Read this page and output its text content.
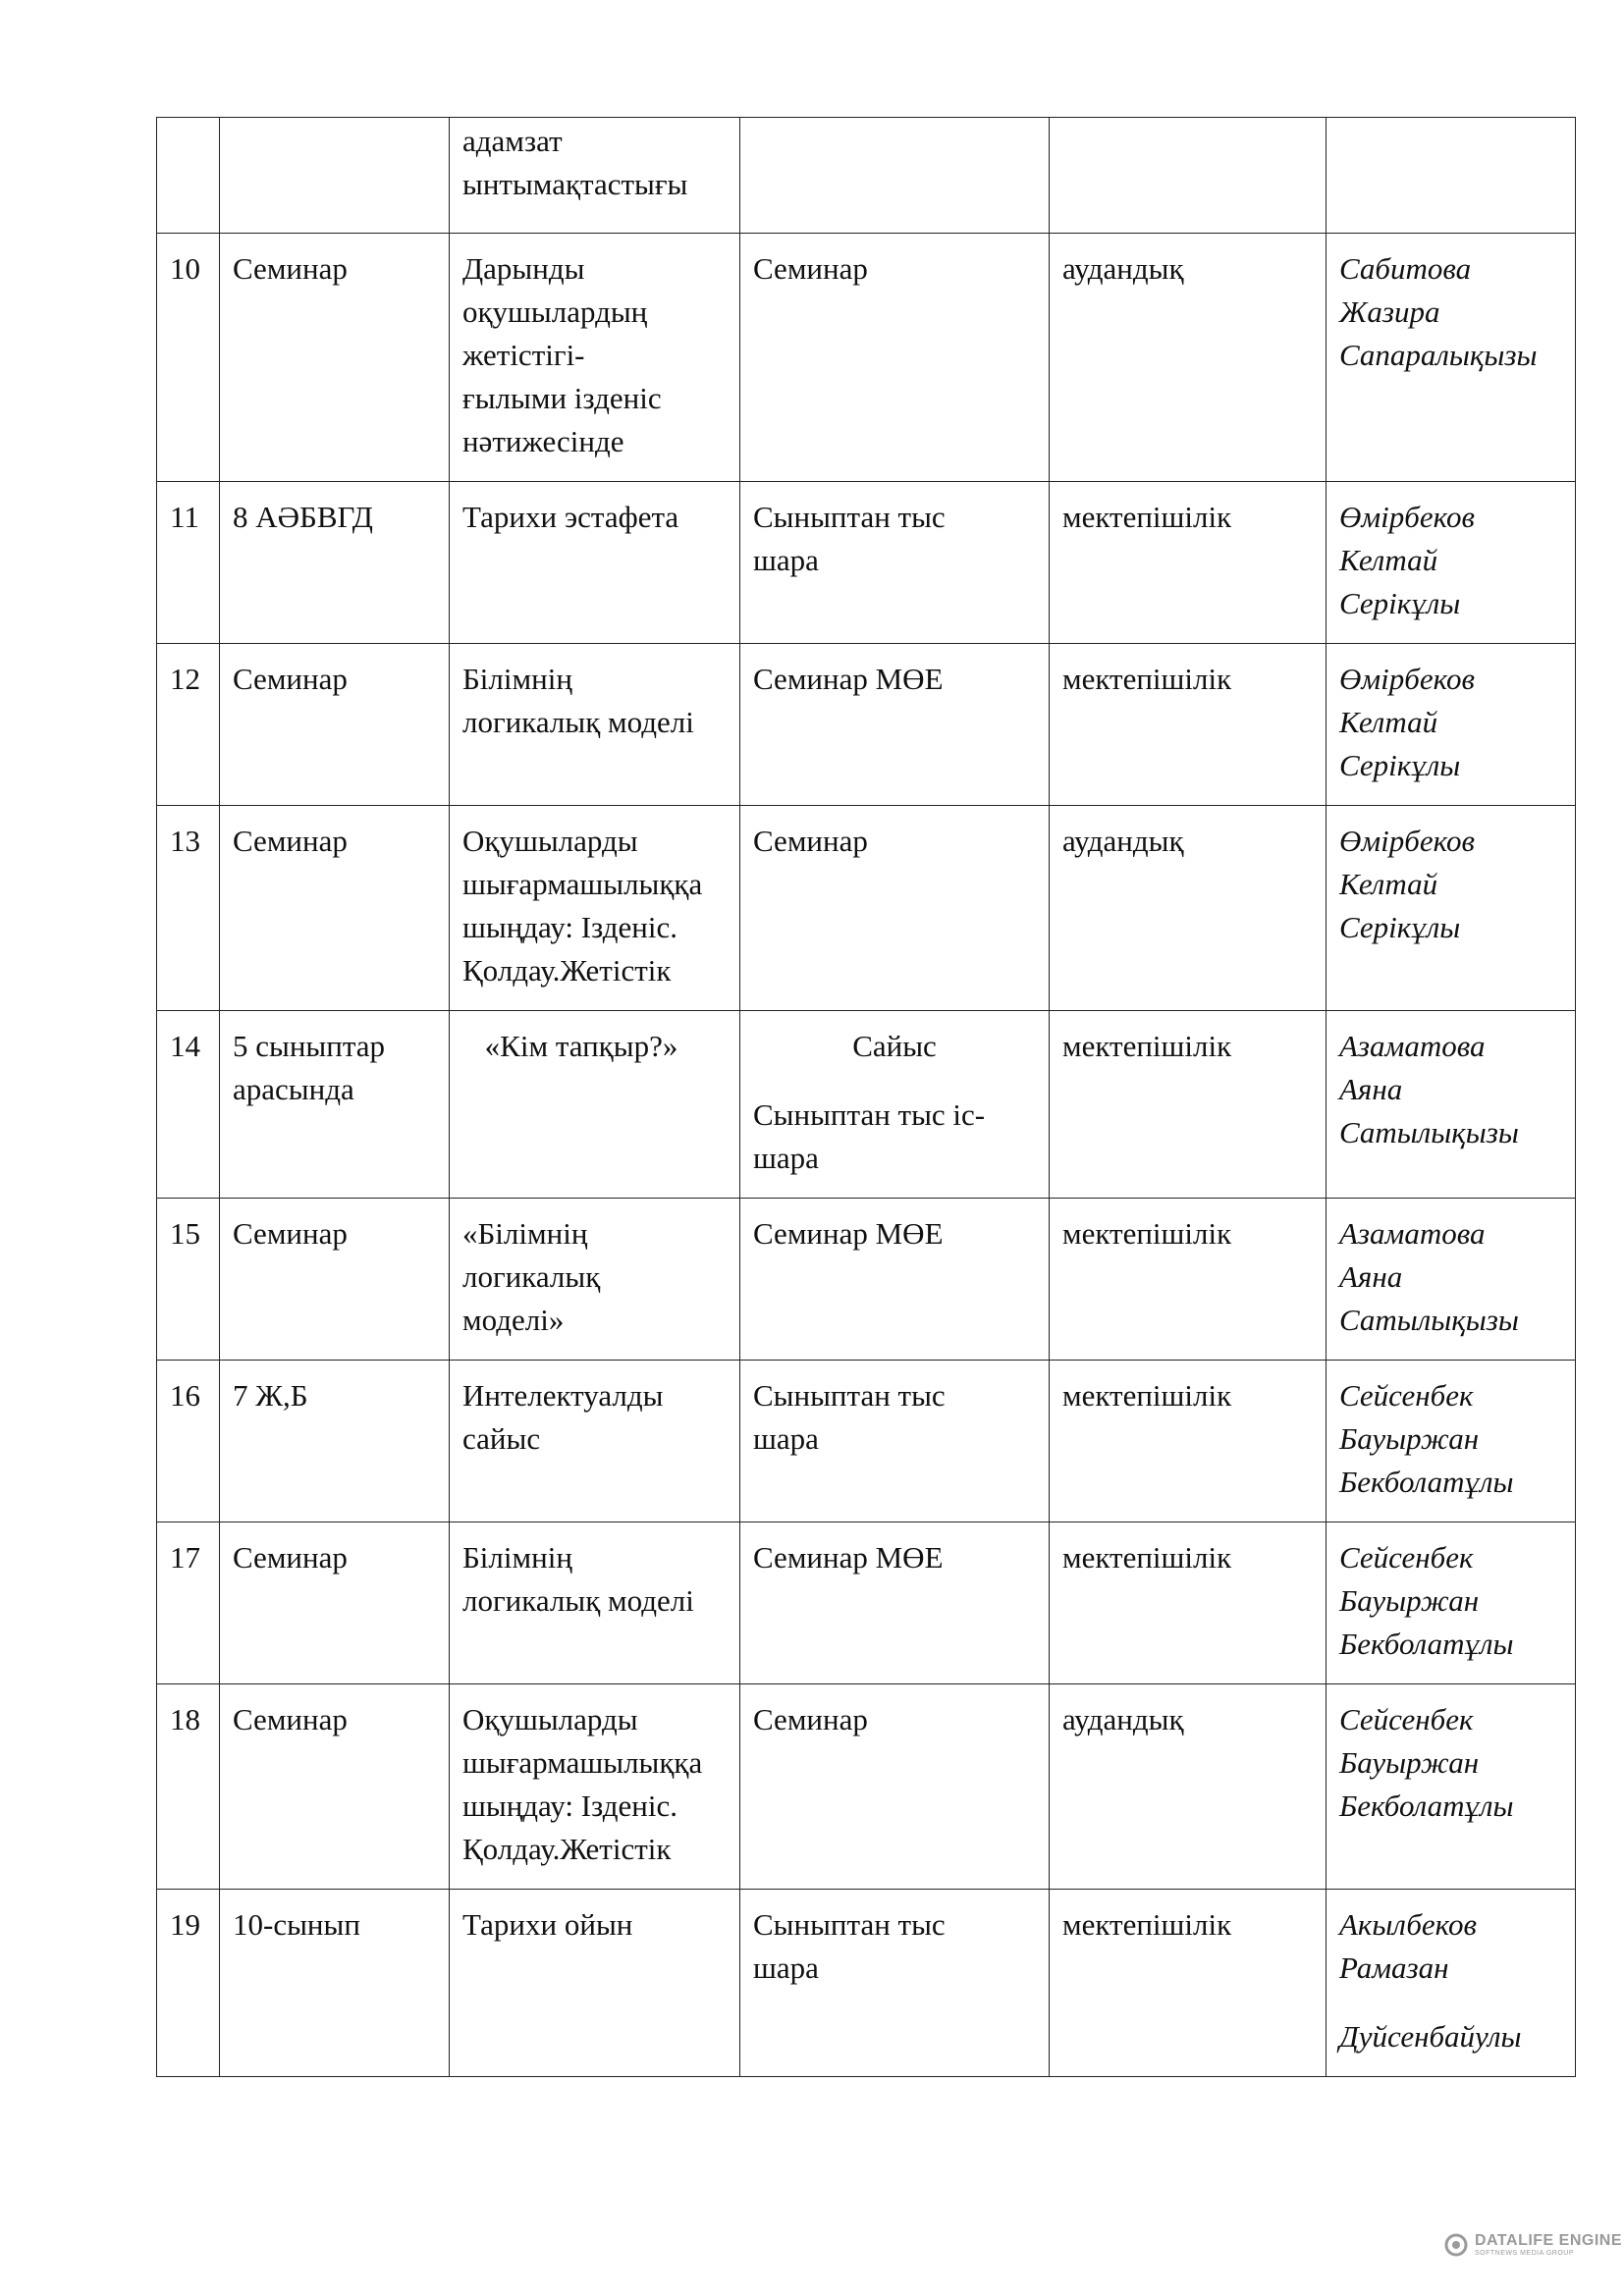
		адамзат
ынтымақтастығы			

10	Семинар	Дарынды
оқушылардың
жетістігі-
ғылыми ізденіс
нәтижесінде	Семинар	аудандық	Сабитова
Жазира
Сапаралықызы

11	8 АӘБВГД	Тарихи эстафета	Сыныптан тыс
шара	мектепішілік	Өмірбеков
Келтай
Серікұлы

12	Семинар	Білімнің
логикалық моделі	Семинар МӨЕ	мектепішілік	Өмірбеков
Келтай
Серікұлы

13	Семинар	Оқушыларды
шығармашылыққа
шыңдау: Ізденіс.
Қолдау.Жетістік	Семинар	аудандық	Өмірбеков
Келтай
Серікұлы

14	5 сыныптар арасында	«Кім тапқыр?»	Сайыс
Сыныптан тыс іс-
шара	мектепішілік	Азаматова
Аяна
Сатылықызы

15	Семинар	«Білімнің
логикалық
моделі»	Семинар МӨЕ	мектепішілік	Азаматова
Аяна
Сатылықызы

16	7 Ж,Б	Интелектуалды
сайыс	Сыныптан тыс
шара	мектепішілік	Сейсенбек
Бауыржан
Бекболатұлы

17	Семинар	Білімнің
логикалық моделі	Семинар МӨЕ	мектепішілік	Сейсенбек
Бауыржан
Бекболатұлы

18	Семинар	Оқушыларды
шығармашылыққа
шыңдау: Ізденіс.
Қолдау.Жетістік	Семинар	аудандық	Сейсенбек
Бауыржан
Бекболатұлы

19	10-сынып	Тарихи ойын	Сыныптан тыс
шара	мектепішілік	Акылбеков
Рамазан
Дуйсенбайулы
DATALIFE ENGINE
SOFTNEWS MEDIA GROUP
